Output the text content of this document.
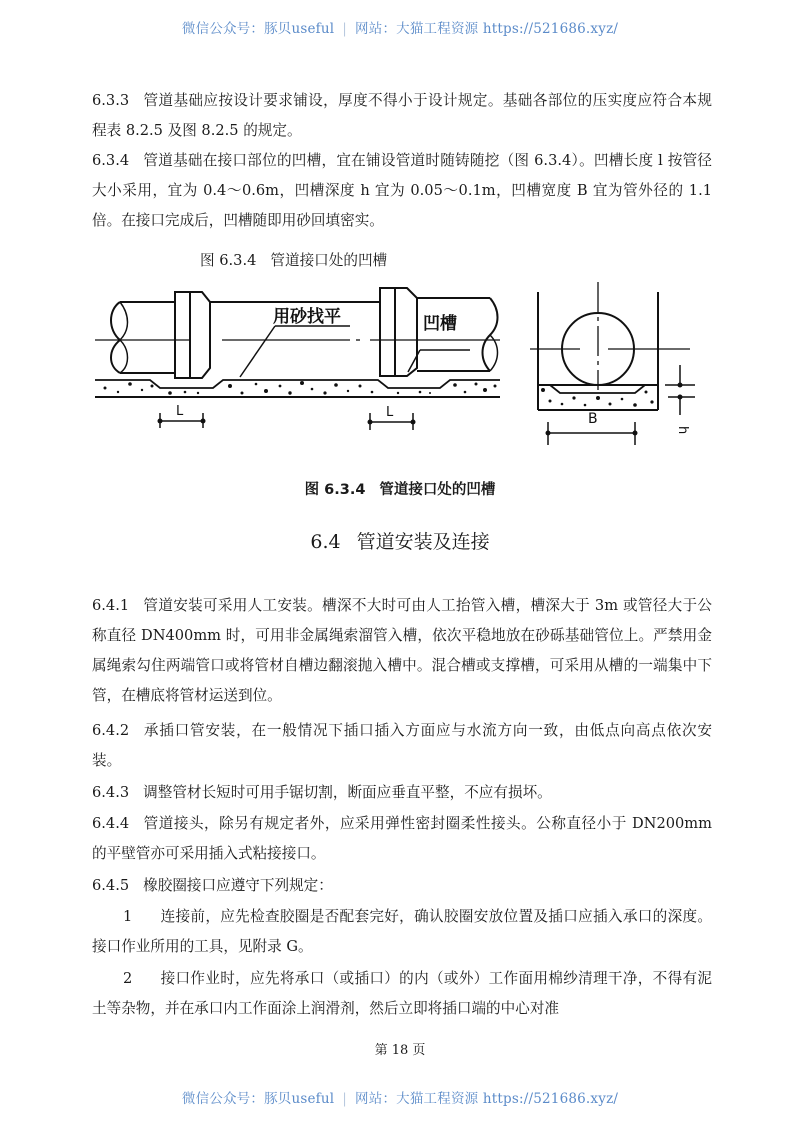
微信公众号：豚贝useful | 网站：大猫工程资源 https://521686.xyz/

6.3.3 管道基础应按设计要求铺设，厚度不得小于设计规定。基础各部位的压实度应符合本规程表 8.2.5 及图 8.2.5 的规定。

6.3.4 管道基础在接口部位的凹槽，宜在铺设管道时随铸随挖（图 6.3.4）。凹槽长度 l 按管径大小采用，宜为 0.4～0.6m，凹槽深度 h 宜为 0.05～0.1m，凹槽宽度 B 宜为管外径的 1.1 倍。在接口完成后，凹槽随即用砂回填密实。

图 6.3.4 管道接口处的凹槽
用砂找平	凹槽
L	L	B
h
图 6.3.4 管道接口处的凹槽
6.4 管道安装及连接

6.4.1 管道安装可采用人工安装。槽深不大时可由人工抬管入槽，槽深大于 3m 或管径大于公称直径 DN400mm 时，可用非金属绳索溜管入槽，依次平稳地放在砂砾基础管位上。严禁用金属绳索勾住两端管口或将管材自槽边翻滚抛入槽中。混合槽或支撑槽，可采用从槽的一端集中下管，在槽底将管材运送到位。

6.4.2 承插口管安装，在一般情况下插口插入方面应与水流方向一致，由低点向高点依次安装。

6.4.3 调整管材长短时可用手锯切割，断面应垂直平整，不应有损坏。

6.4.4 管道接头，除另有规定者外，应采用弹性密封圈柔性接头。公称直径小于 DN200mm 的平壁管亦可采用插入式粘接接口。

6.4.5 橡胶圈接口应遵守下列规定：

1 连接前，应先检查胶圈是否配套完好，确认胶圈安放位置及插口应插入承口的深度。接口作业所用的工具，见附录 G。

2 接口作业时，应先将承口（或插口）的内（或外）工作面用棉纱清理干净，不得有泥土等杂物，并在承口内工作面涂上润滑剂，然后立即将插口端的中心对准

第 18 页
微信公众号：豚贝useful | 网站：大猫工程资源 https://521686.xyz/
